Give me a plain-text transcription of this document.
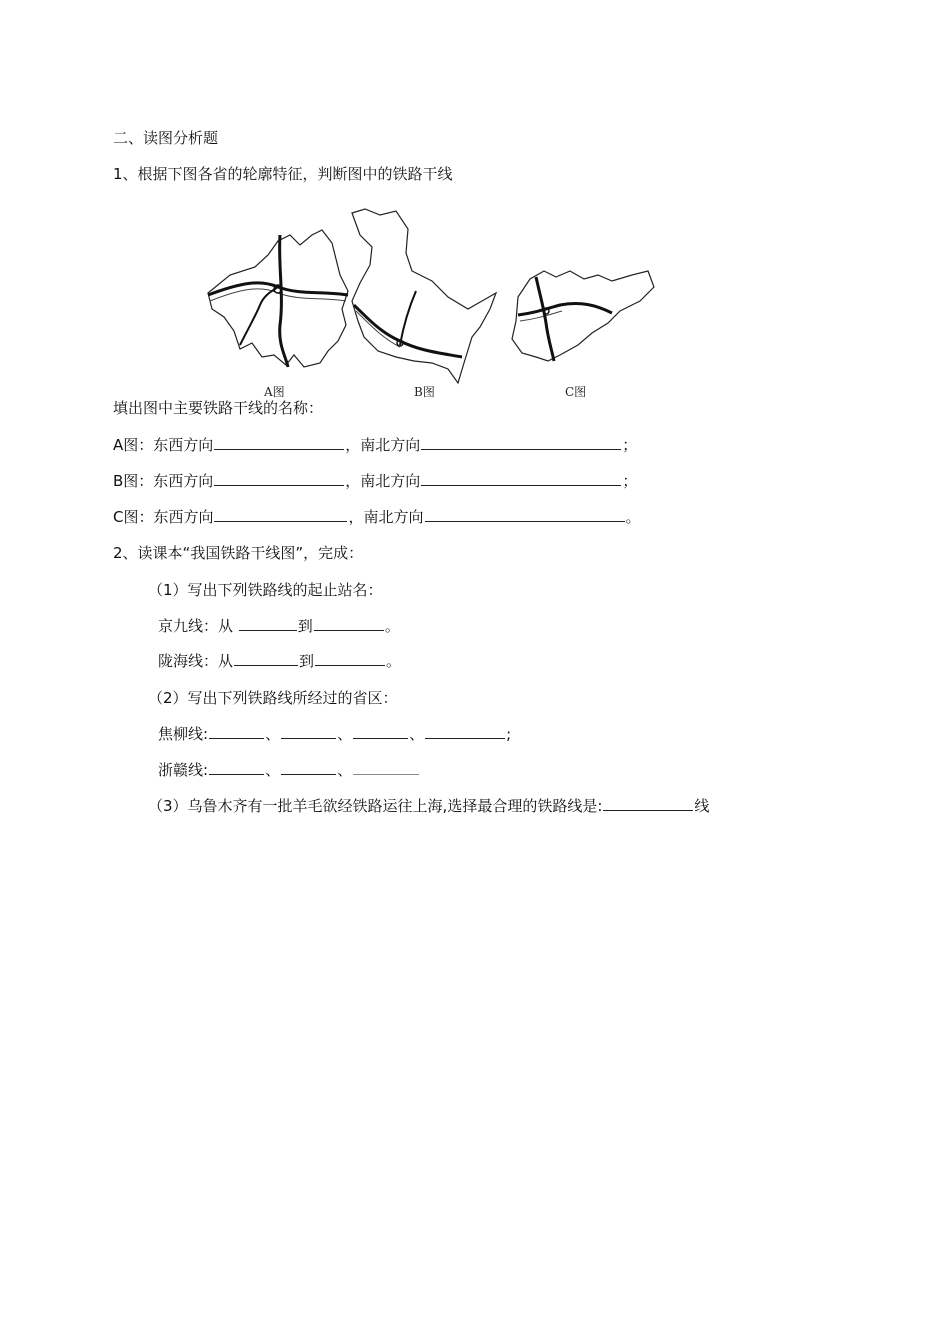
二、读图分析题
1、根据下图各省的轮廓特征，判断图中的铁路干线
A图	B图	C图
填出图中主要铁路干线的名称：
A图：东西方向	，南北方向	；
B图：东西方向	，南北方向	；
C图：东西方向	，南北方向	。
2、读课本“我国铁路干线图”，完成：
（1）写出下列铁路线的起止站名：
京九线：从	到	。
陇海线：从	到	。
（2）写出下列铁路线所经过的省区：
焦柳线:	、	、	、	;
浙赣线:	、	、
（3）乌鲁木齐有一批羊毛欲经铁路运往上海,选择最合理的铁路线是:	线
